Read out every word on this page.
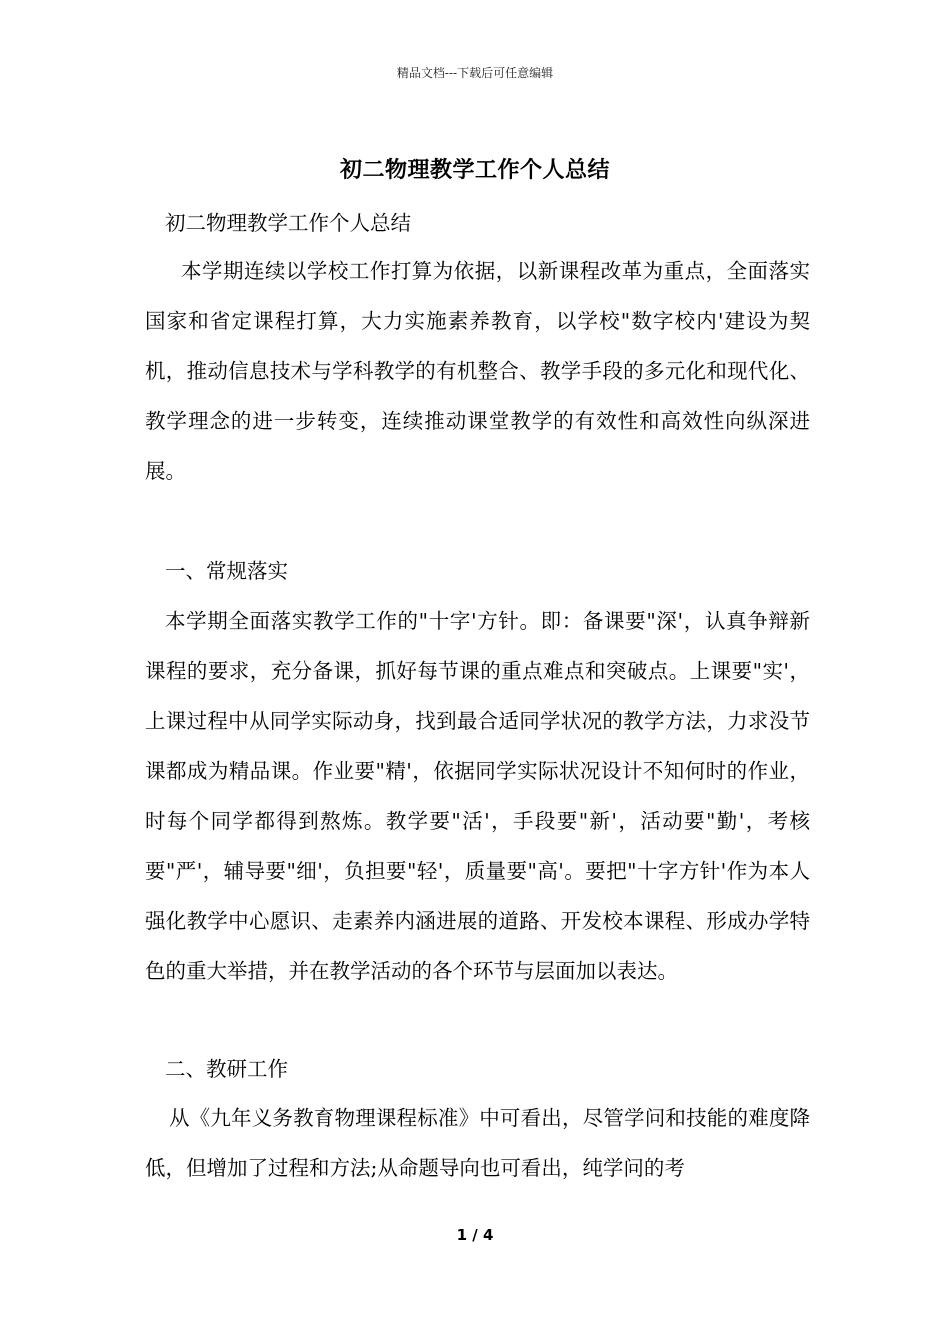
精品文档---下载后可任意编辑
初二物理教学工作个人总结
初二物理教学工作个人总结
本学期连续以学校工作打算为依据，以新课程改革为重点，全面落实国家和省定课程打算，大力实施素养教育，以学校"数字校内'建设为契机，推动信息技术与学科教学的有机整合、教学手段的多元化和现代化、教学理念的进一步转变，连续推动课堂教学的有效性和高效性向纵深进展。
一、常规落实
本学期全面落实教学工作的"十字'方针。即：备课要"深'，认真争辩新课程的要求，充分备课，抓好每节课的重点难点和突破点。上课要"实'，上课过程中从同学实际动身，找到最合适同学状况的教学方法，力求没节课都成为精品课。作业要"精'，依据同学实际状况设计不知何时的作业，时每个同学都得到熬炼。教学要"活'，手段要"新'，活动要"勤'，考核要"严'，辅导要"细'，负担要"轻'，质量要"高'。要把"十字方针'作为本人强化教学中心愿识、走素养内涵进展的道路、开发校本课程、形成办学特色的重大举措，并在教学活动的各个环节与层面加以表达。
二、教研工作
从《九年义务教育物理课程标准》中可看出，尽管学问和技能的难度降低，但增加了过程和方法;从命题导向也可看出，纯学问的考
1 / 4
